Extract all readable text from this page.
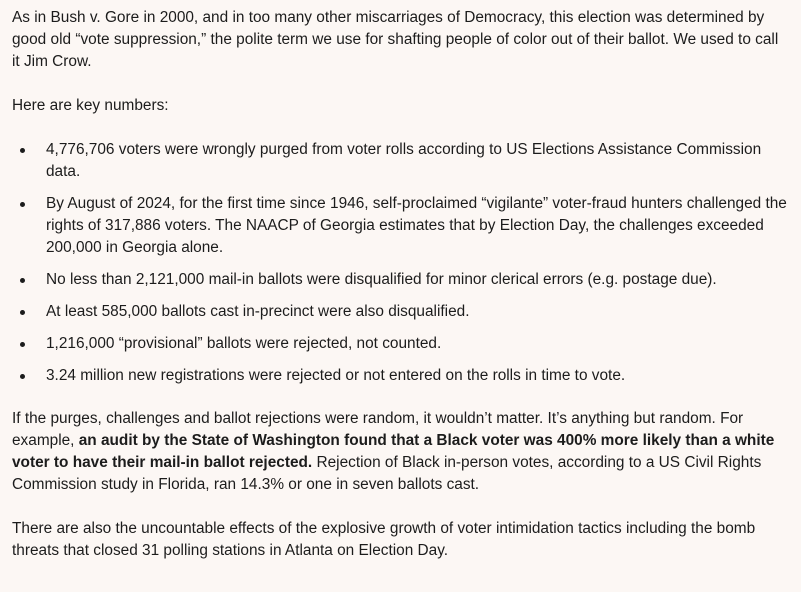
As in Bush v. Gore in 2000, and in too many other miscarriages of Democracy, this election was determined by good old “vote suppression,” the polite term we use for shafting people of color out of their ballot. We used to call it Jim Crow.

Here are key numbers:

4,776,706 voters were wrongly purged from voter rolls according to US Elections Assistance Commission data.
By August of 2024, for the first time since 1946, self-proclaimed “vigilante” voter-fraud hunters challenged the rights of 317,886 voters. The NAACP of Georgia estimates that by Election Day, the challenges exceeded 200,000 in Georgia alone.
No less than 2,121,000 mail-in ballots were disqualified for minor clerical errors (e.g. postage due).
At least 585,000 ballots cast in-precinct were also disqualified.
1,216,000 “provisional” ballots were rejected, not counted.
3.24 million new registrations were rejected or not entered on the rolls in time to vote.

If the purges, challenges and ballot rejections were random, it wouldn’t matter. It’s anything but random. For example, an audit by the State of Washington found that a Black voter was 400% more likely than a white voter to have their mail-in ballot rejected. Rejection of Black in-person votes, according to a US Civil Rights Commission study in Florida, ran 14.3% or one in seven ballots cast.

There are also the uncountable effects of the explosive growth of voter intimidation tactics including the bomb threats that closed 31 polling stations in Atlanta on Election Day.
